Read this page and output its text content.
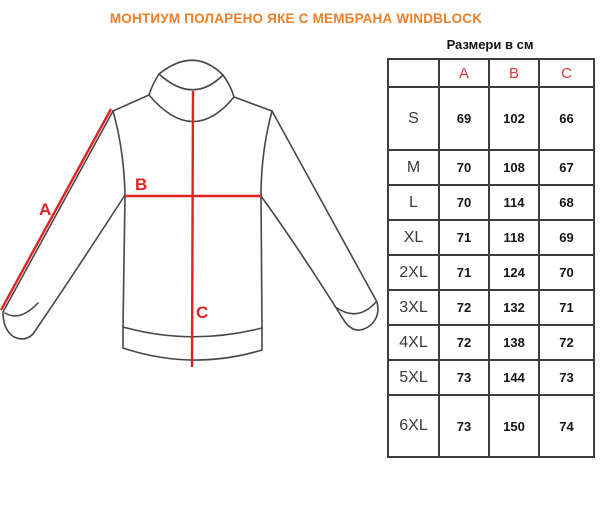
МОНТИУМ ПОЛАРЕНО ЯКЕ С МЕМБРАНА WINDBLOCK
Размери в см
A
B
C
	A	B	C
S	69	102	66
M	70	108	67
L	70	114	68
XL	71	118	69
2XL	71	124	70
3XL	72	132	71
4XL	72	138	72
5XL	73	144	73
6XL	73	150	74
